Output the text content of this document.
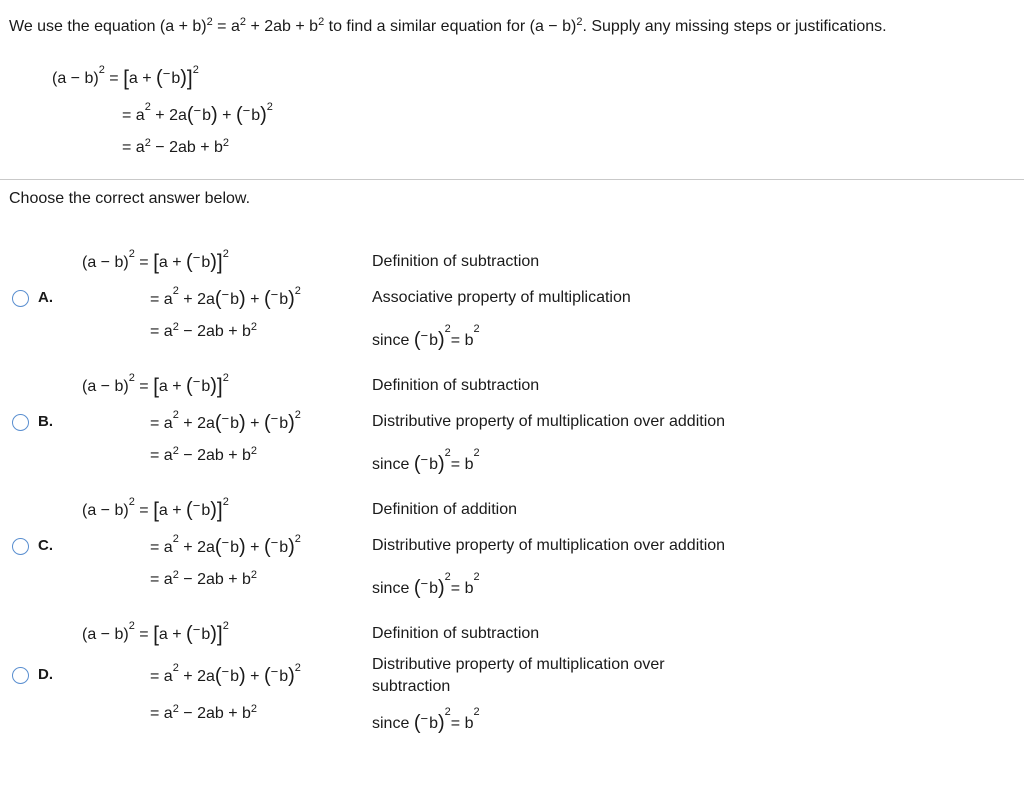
We use the equation $(a + b)^2 = a^2 + 2ab + b^2$ to find a similar equation for $(a - b)^2$. Supply any missing steps or justifications.
$(a - b)^2 = [a + (^-b)]^2$
= $a^2 + 2a(^-b) + (^-b)^2$
= $a^2 - 2ab + b^2$
Choose the correct answer below.
$(a - b)^2 = [a + (^-b)]^2$
= $a^2 + 2a(^-b) + (^-b)^2$
= $a^2 - 2ab + b^2$
A.
Definition of subtraction
Associative property of multiplication
since $(^-b)^2= b^2$
$(a - b)^2 = [a + (^-b)]^2$
= $a^2 + 2a(^-b) + (^-b)^2$
= $a^2 - 2ab + b^2$
B.
Definition of subtraction
Distributive property of multiplication over addition
since $(^-b)^2= b^2$
$(a - b)^2 = [a + (^-b)]^2$
= $a^2 + 2a(^-b) + (^-b)^2$
= $a^2 - 2ab + b^2$
C.
Definition of addition
Distributive property of multiplication over addition
since $(^-b)^2= b^2$
$(a - b)^2 = [a + (^-b)]^2$
= $a^2 + 2a(^-b) + (^-b)^2$
= $a^2 - 2ab + b^2$
D.
Definition of subtraction
Distributive property of multiplication over subtraction
since $(^-b)^2= b^2$
